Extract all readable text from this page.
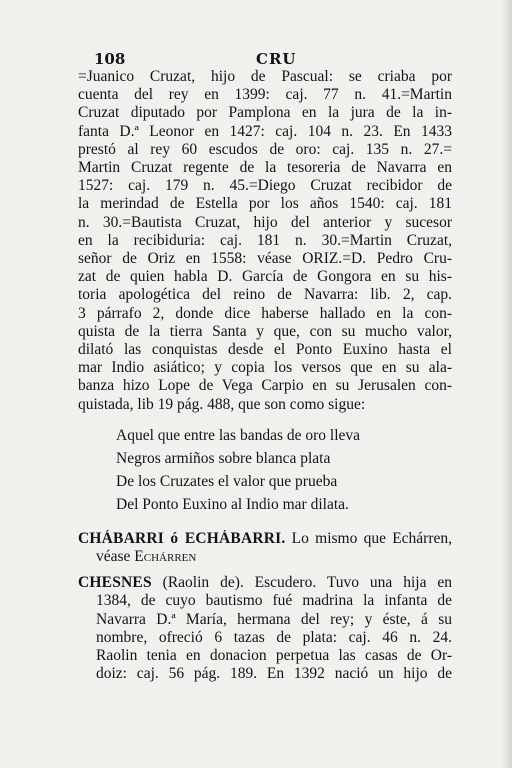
108	CRU
=Juanico Cruzat, hijo de Pascual: se criaba por
cuenta del rey en 1399: caj. 77 n. 41.=Martin
Cruzat diputado por Pamplona en la jura de la in-
fanta D.ª Leonor en 1427: caj. 104 n. 23. En 1433
prestó al rey 60 escudos de oro: caj. 135 n. 27.=
Martin Cruzat regente de la tesoreria de Navarra en
1527: caj. 179 n. 45.=Diego Cruzat recibidor de
la merindad de Estella por los años 1540: caj. 181
n. 30.=Bautista Cruzat, hijo del anterior y sucesor
en la recibiduria: caj. 181 n. 30.=Martin Cruzat,
señor de Oriz en 1558: véase ORIZ.=D. Pedro Cru-
zat de quien habla D. García de Gongora en su his-
toria apologética del reino de Navarra: lib. 2, cap.
3 párrafo 2, donde dice haberse hallado en la con-
quista de la tierra Santa y que, con su mucho valor,
dilató las conquistas desde el Ponto Euxino hasta el
mar Indio asiático; y copia los versos que en su ala-
banza hizo Lope de Vega Carpio en su Jerusalen con-
quistada, lib 19 pág. 488, que son como sigue:
Aquel que entre las bandas de oro lleva
Negros armiños sobre blanca plata
De los Cruzates el valor que prueba
Del Ponto Euxino al Indio mar dilata.
CHÁBARRI ó ECHÁBARRI. Lo mismo que Echárren,
véase Echárren
CHESNES (Raolin de). Escudero. Tuvo una hija en
1384, de cuyo bautismo fué madrina la infanta de
Navarra D.ª María, hermana del rey; y éste, á su
nombre, ofreció 6 tazas de plata: caj. 46 n. 24.
Raolin tenia en donacion perpetua las casas de Or-
doiz: caj. 56 pág. 189. En 1392 nació un hijo de
